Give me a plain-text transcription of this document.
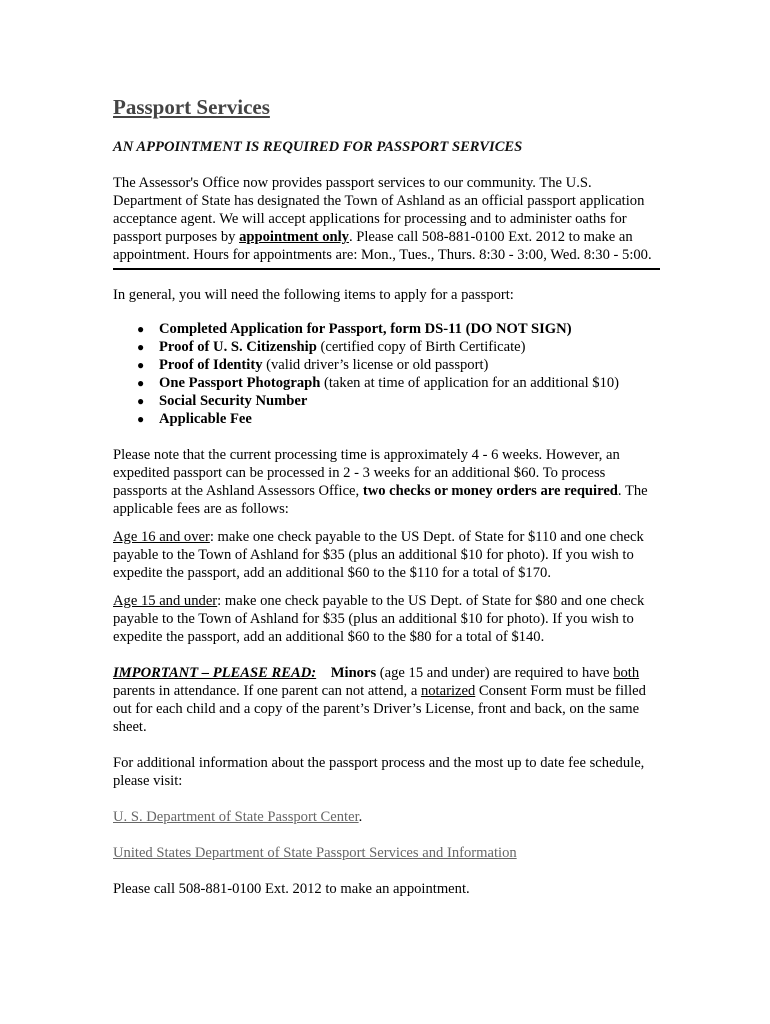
Passport Services

AN APPOINTMENT IS REQUIRED FOR PASSPORT SERVICES

The Assessor's Office now provides passport services to our community. The U.S. Department of State has designated the Town of Ashland as an official passport application acceptance agent. We will accept applications for processing and to administer oaths for passport purposes by appointment only. Please call 508-881-0100 Ext. 2012 to make an appointment. Hours for appointments are: Mon., Tues., Thurs. 8:30 - 3:00, Wed. 8:30 - 5:00.

In general, you will need the following items to apply for a passport:

● Completed Application for Passport, form DS-11 (DO NOT SIGN)
● Proof of U. S. Citizenship (certified copy of Birth Certificate)
● Proof of Identity (valid driver’s license or old passport)
● One Passport Photograph (taken at time of application for an additional $10)
● Social Security Number
● Applicable Fee

Please note that the current processing time is approximately 4 - 6 weeks. However, an expedited passport can be processed in 2 - 3 weeks for an additional $60. To process passports at the Ashland Assessors Office, two checks or money orders are required. The applicable fees are as follows:

Age 16 and over: make one check payable to the US Dept. of State for $110 and one check payable to the Town of Ashland for $35 (plus an additional $10 for photo). If you wish to expedite the passport, add an additional $60 to the $110 for a total of $170.

Age 15 and under: make one check payable to the US Dept. of State for $80 and one check payable to the Town of Ashland for $35 (plus an additional $10 for photo). If you wish to expedite the passport, add an additional $60 to the $80 for a total of $140.

IMPORTANT – PLEASE READ: Minors (age 15 and under) are required to have both parents in attendance. If one parent can not attend, a notarized Consent Form must be filled out for each child and a copy of the parent’s Driver’s License, front and back, on the same sheet.

For additional information about the passport process and the most up to date fee schedule, please visit:

U. S. Department of State Passport Center.

United States Department of State Passport Services and Information

Please call 508-881-0100 Ext. 2012 to make an appointment.
